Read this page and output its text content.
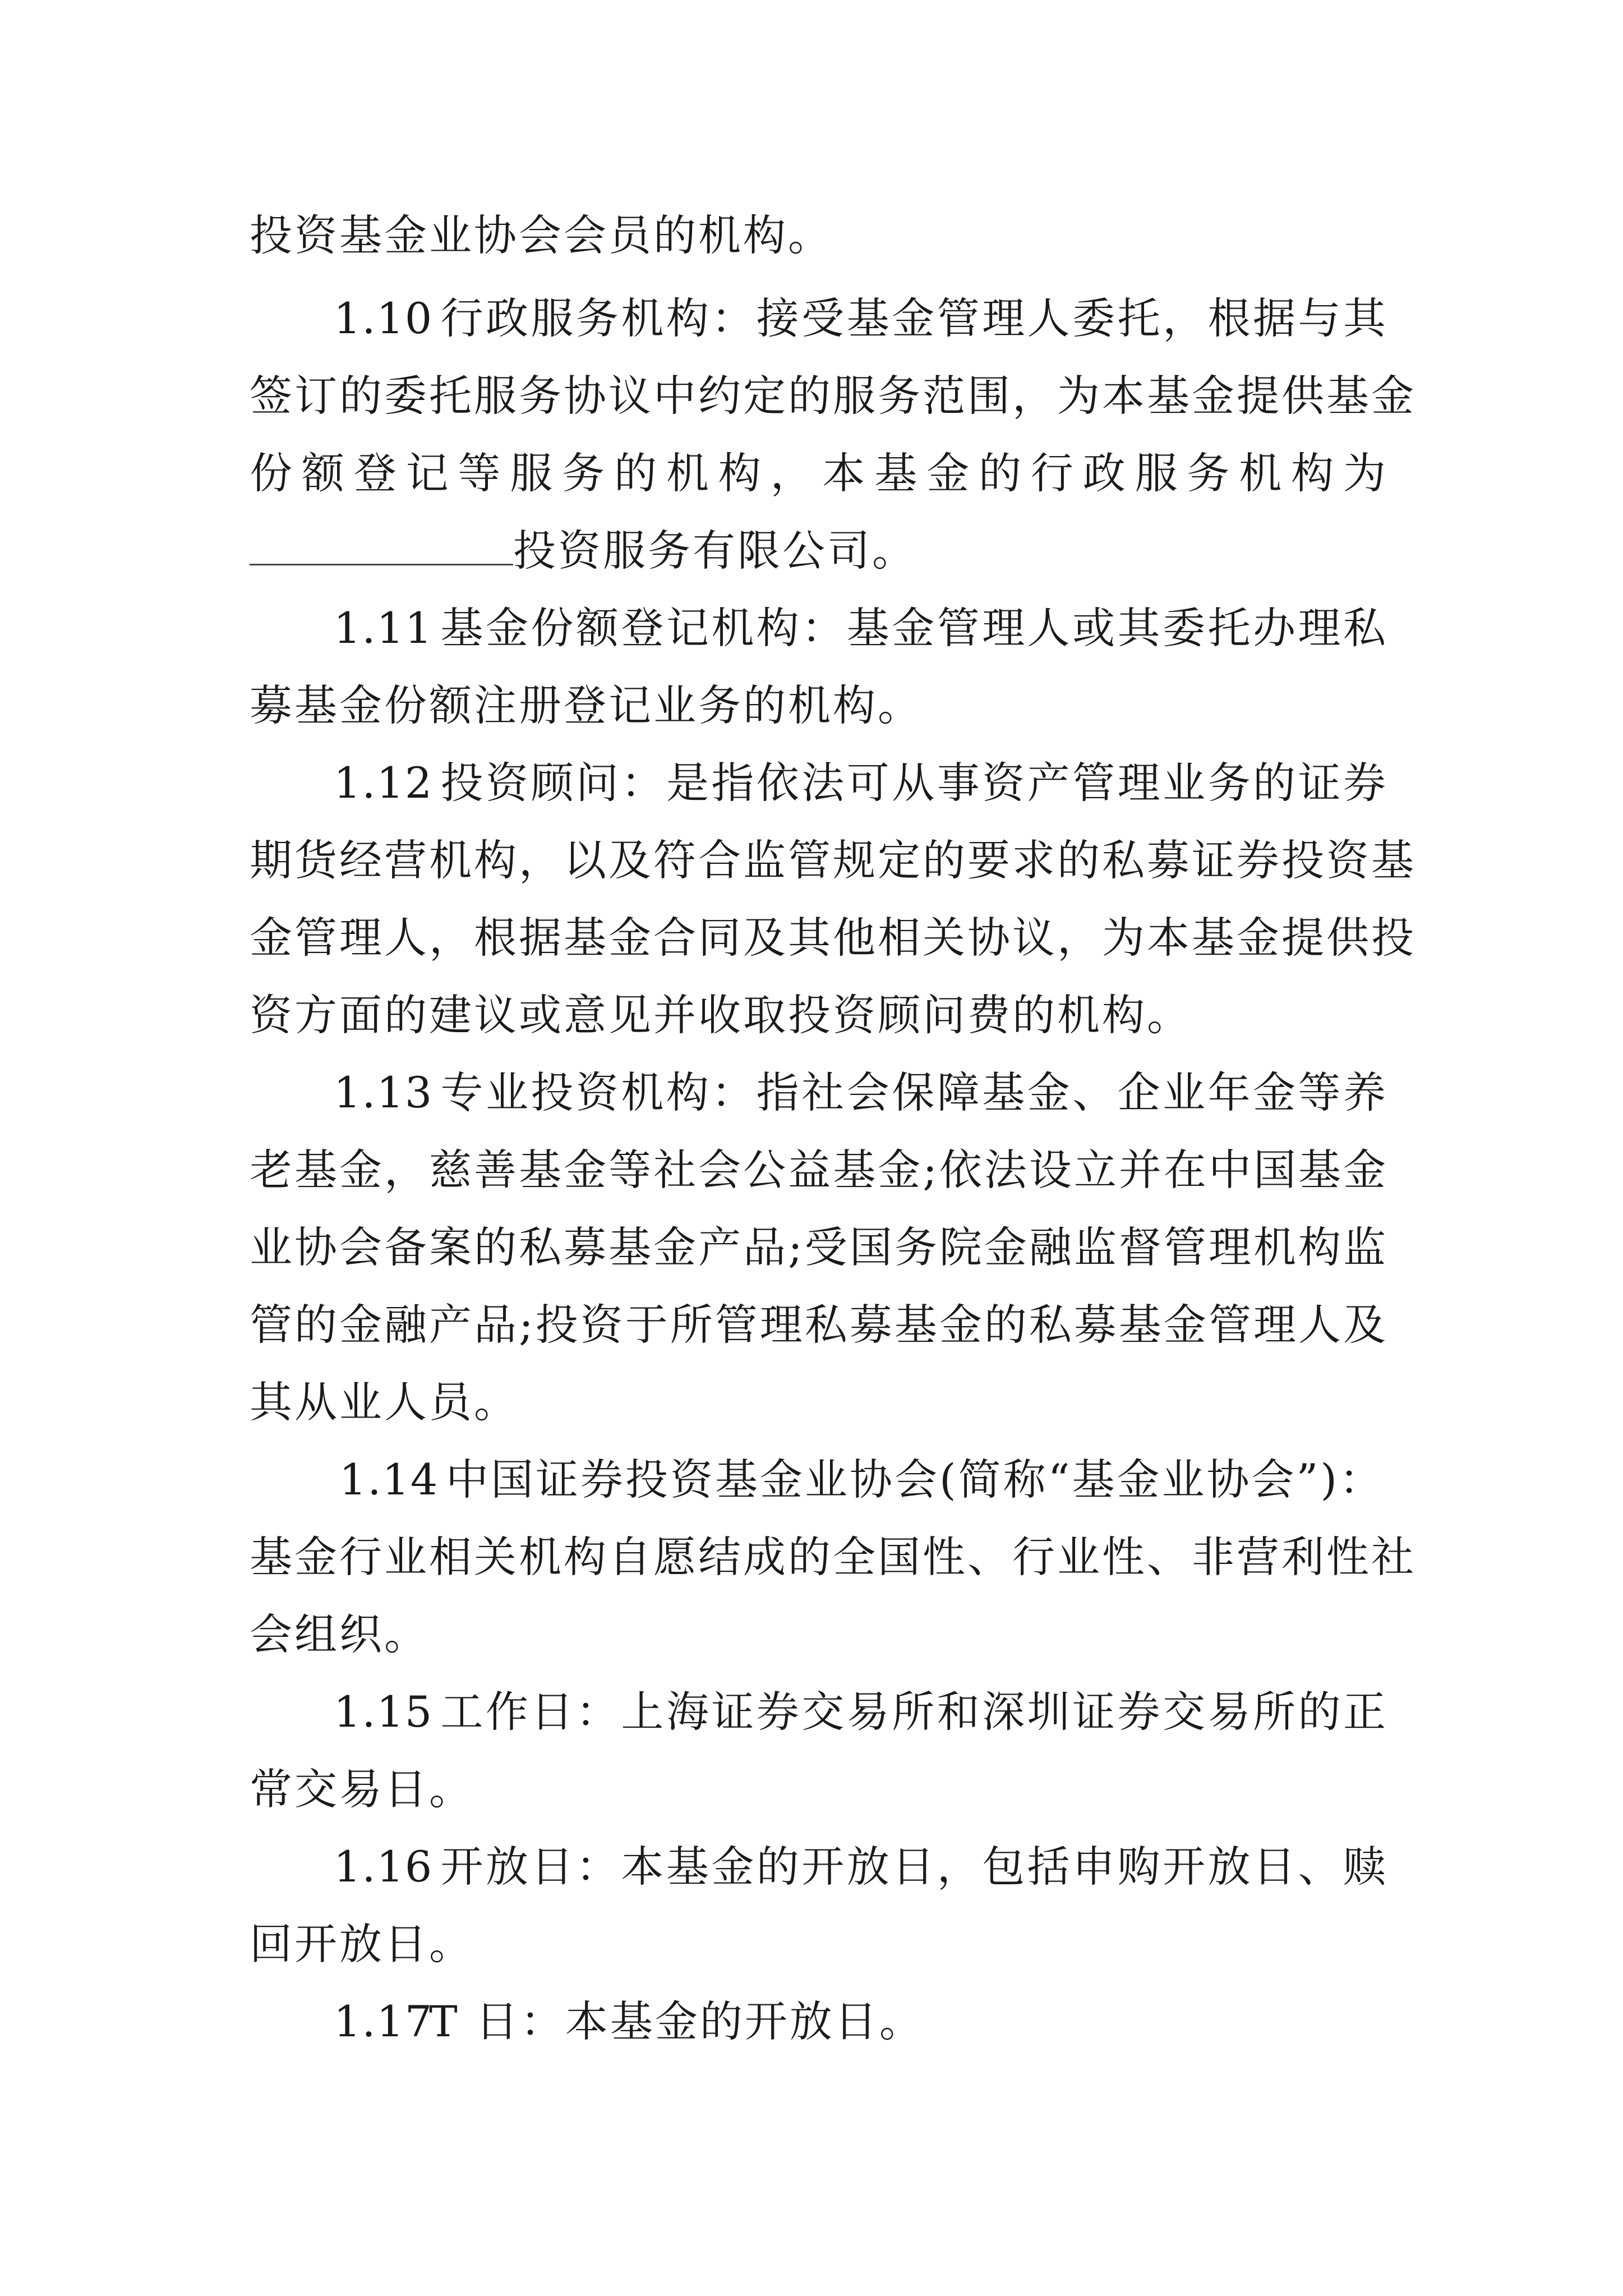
投资基金业协会会员的机构。
1.10 行政服务机构：接受基金管理人委托，根据与其
签订的委托服务协议中约定的服务范围，为本基金提供基金
份额登记等服务的机构，本基金的行政服务机构为
投资服务有限公司。
1.11 基金份额登记机构：基金管理人或其委托办理私
募基金份额注册登记业务的机构。
1.12 投资顾问：是指依法可从事资产管理业务的证券
期货经营机构，以及符合监管规定的要求的私募证券投资基
金管理人，根据基金合同及其他相关协议，为本基金提供投
资方面的建议或意见并收取投资顾问费的机构。
1.13 专业投资机构：指社会保障基金、企业年金等养
老基金，慈善基金等社会公益基金;依法设立并在中国基金
业协会备案的私募基金产品;受国务院金融监督管理机构监
管的金融产品;投资于所管理私募基金的私募基金管理人及
其从业人员。
1.14 中国证券投资基金业协会(简称“基金业协会”)：
基金行业相关机构自愿结成的全国性、行业性、非营利性社
会组织。
1.15 工作日：上海证券交易所和深圳证券交易所的正
常交易日。
1.16 开放日：本基金的开放日，包括申购开放日、赎
回开放日。
1.17T 日：本基金的开放日。
